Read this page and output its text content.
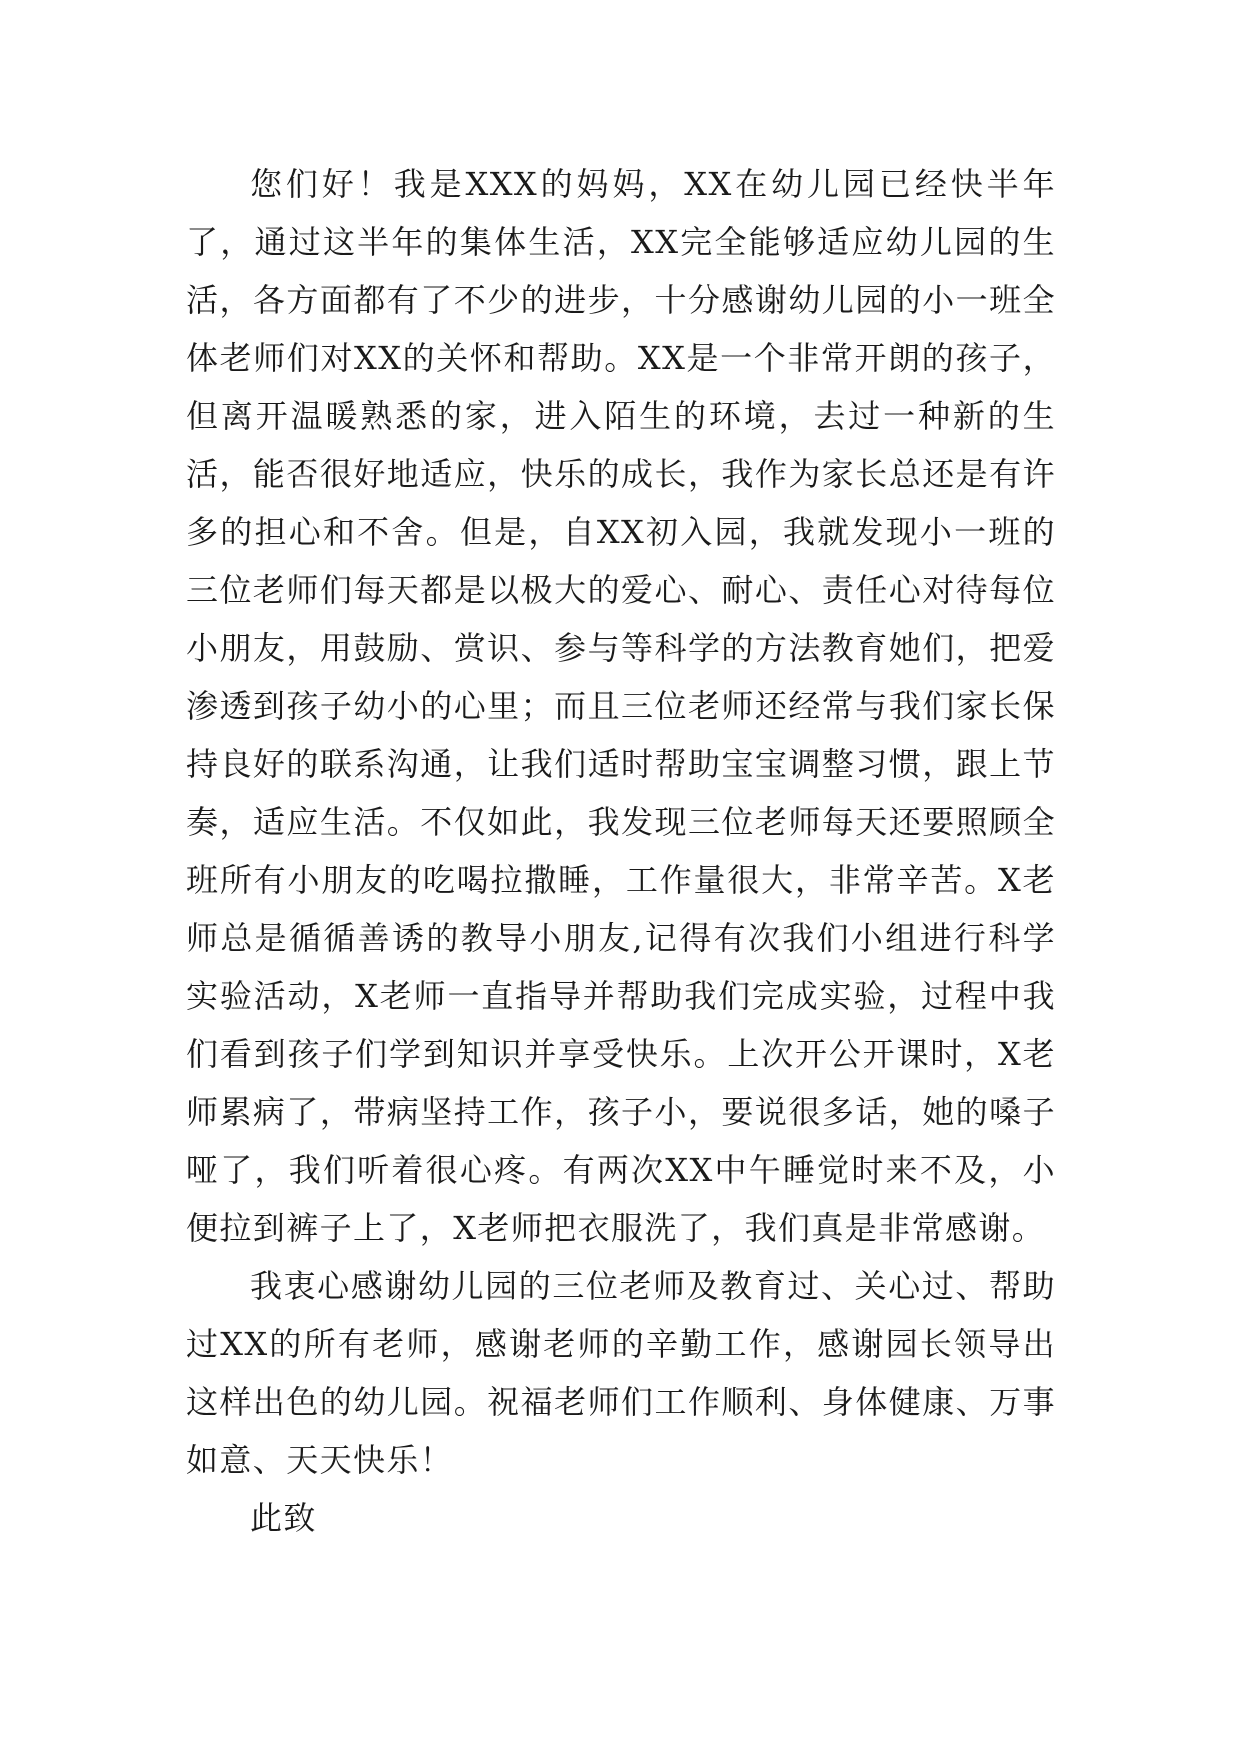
您们好！我是XXX的妈妈，XX在幼儿园已经快半年了，通过这半年的集体生活，XX完全能够适应幼儿园的生活，各方面都有了不少的进步，十分感谢幼儿园的小一班全体老师们对XX的关怀和帮助。XX是一个非常开朗的孩子，但离开温暖熟悉的家，进入陌生的环境，去过一种新的生活，能否很好地适应，快乐的成长，我作为家长总还是有许多的担心和不舍。但是，自XX初入园，我就发现小一班的三位老师们每天都是以极大的爱心、耐心、责任心对待每位小朋友，用鼓励、赏识、参与等科学的方法教育她们，把爱渗透到孩子幼小的心里；而且三位老师还经常与我们家长保持良好的联系沟通，让我们适时帮助宝宝调整习惯，跟上节奏，适应生活。不仅如此，我发现三位老师每天还要照顾全班所有小朋友的吃喝拉撒睡，工作量很大，非常辛苦。X老师总是循循善诱的教导小朋友,记得有次我们小组进行科学实验活动，X老师一直指导并帮助我们完成实验，过程中我们看到孩子们学到知识并享受快乐。上次开公开课时，X老师累病了，带病坚持工作，孩子小，要说很多话，她的嗓子哑了，我们听着很心疼。有两次XX中午睡觉时来不及，小便拉到裤子上了，X老师把衣服洗了，我们真是非常感谢。

我衷心感谢幼儿园的三位老师及教育过、关心过、帮助过XX的所有老师，感谢老师的辛勤工作，感谢园长领导出这样出色的幼儿园。祝福老师们工作顺利、身体健康、万事如意、天天快乐！

此致
